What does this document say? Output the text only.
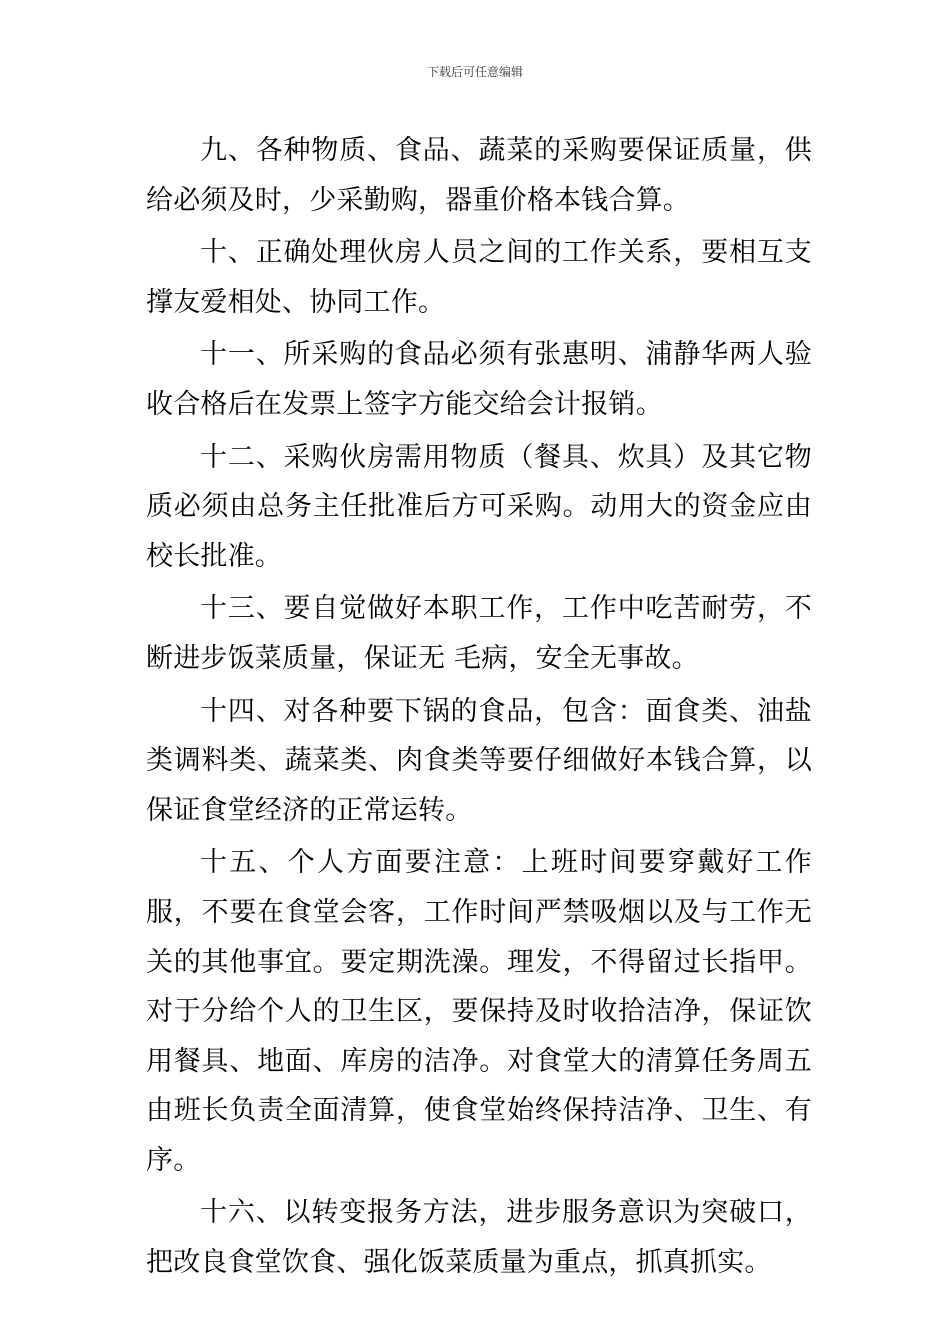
下载后可任意编辑

九、各种物质、食品、蔬菜的采购要保证质量，供给必须及时，少采勤购，器重价格本钱合算。

十、正确处理伙房人员之间的工作关系，要相互支撑友爱相处、协同工作。

十一、所采购的食品必须有张惠明、浦静华两人验收合格后在发票上签字方能交给会计报销。

十二、采购伙房需用物质（餐具、炊具）及其它物质必须由总务主任批准后方可采购。动用大的资金应由校长批准。

十三、要自觉做好本职工作，工作中吃苦耐劳，不断进步饭菜质量，保证无 毛病，安全无事故。

十四、对各种要下锅的食品，包含：面食类、油盐类调料类、蔬菜类、肉食类等要仔细做好本钱合算，以保证食堂经济的正常运转。

十五、个人方面要注意：上班时间要穿戴好工作服，不要在食堂会客，工作时间严禁吸烟以及与工作无关的其他事宜。要定期洗澡。理发，不得留过长指甲。对于分给个人的卫生区，要保持及时收拾洁净，保证饮用餐具、地面、库房的洁净。对食堂大的清算任务周五由班长负责全面清算，使食堂始终保持洁净、卫生、有序。

十六、以转变报务方法，进步服务意识为突破口，把改良食堂饮食、强化饭菜质量为重点，抓真抓实。
